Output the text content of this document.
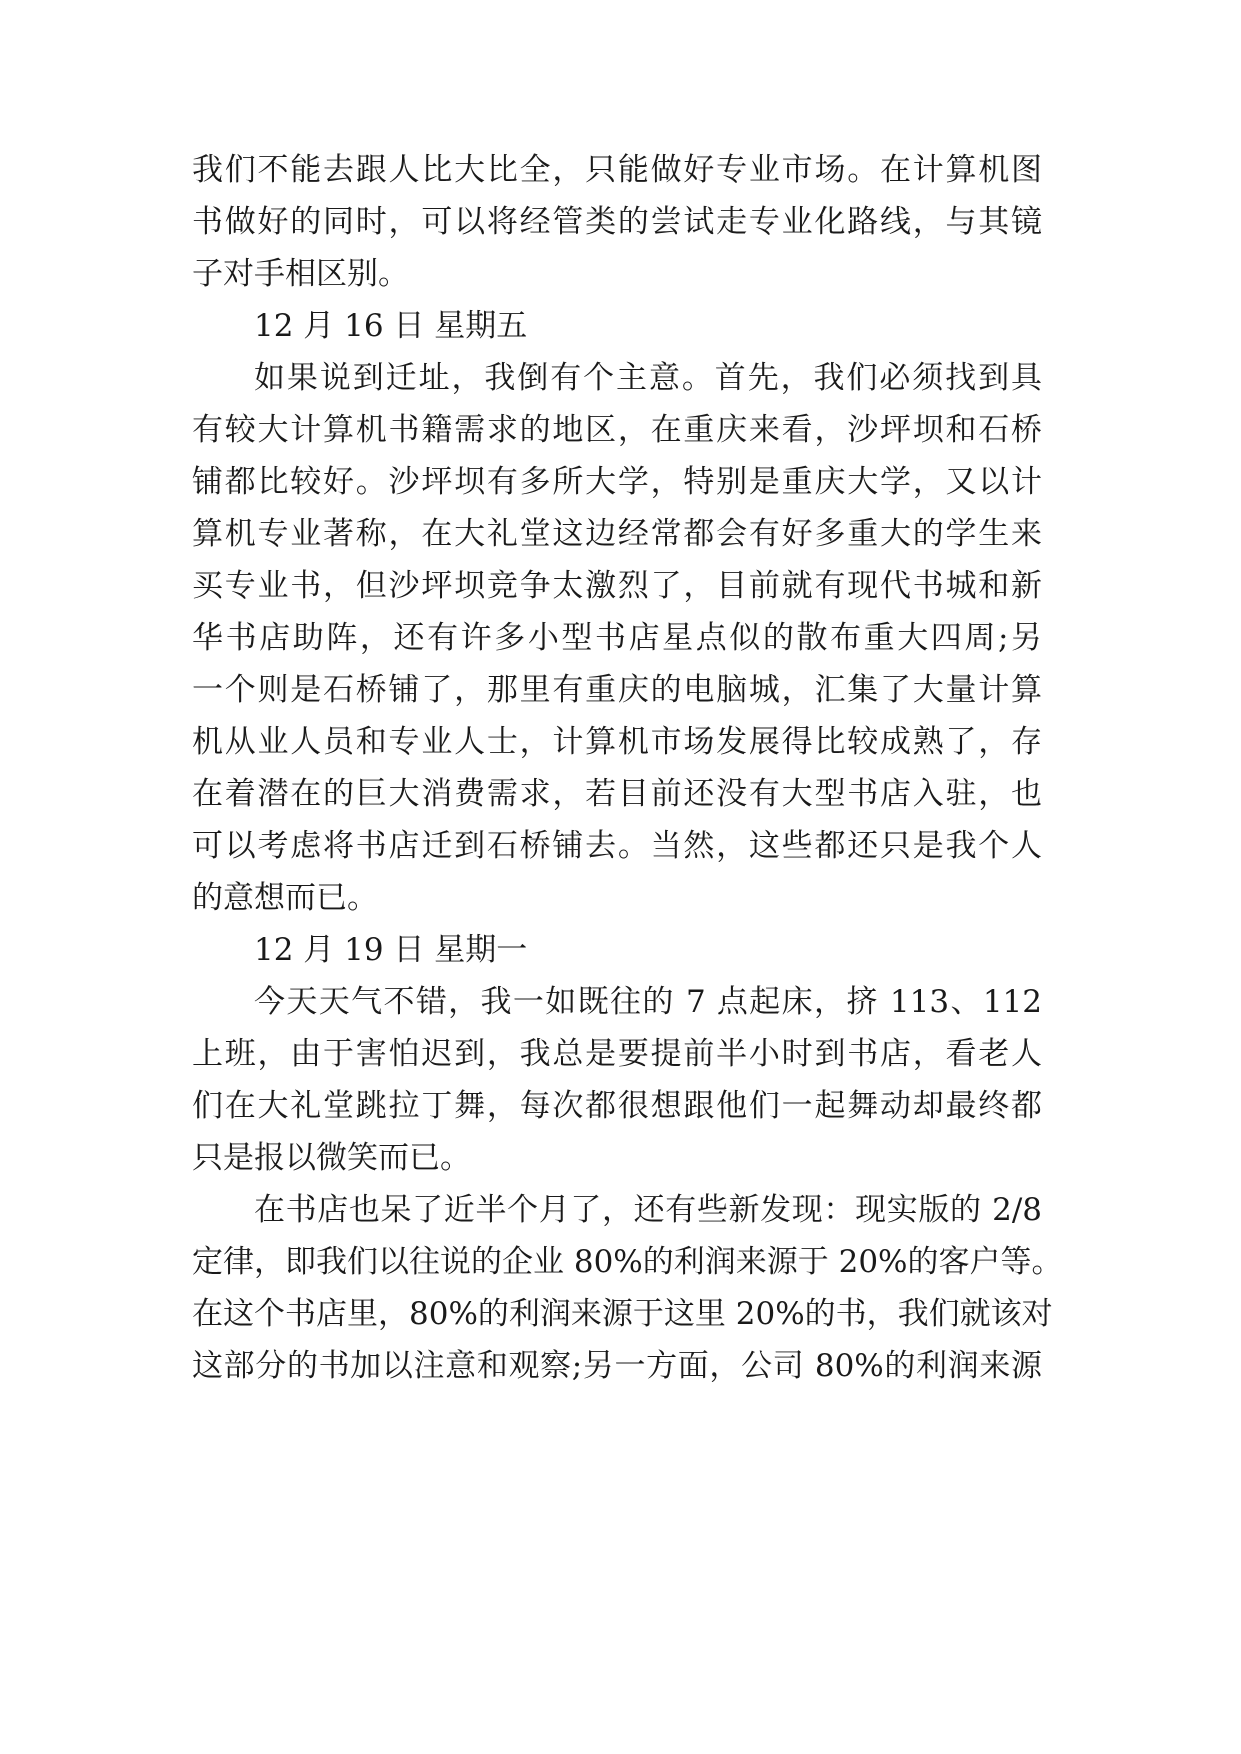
我们不能去跟人比大比全，只能做好专业市场。在计算机图
书做好的同时，可以将经管类的尝试走专业化路线，与其镜
子对手相区别。
12 月 16 日 星期五
如果说到迁址，我倒有个主意。首先，我们必须找到具
有较大计算机书籍需求的地区，在重庆来看，沙坪坝和石桥
铺都比较好。沙坪坝有多所大学，特别是重庆大学，又以计
算机专业著称，在大礼堂这边经常都会有好多重大的学生来
买专业书，但沙坪坝竞争太激烈了，目前就有现代书城和新
华书店助阵，还有许多小型书店星点似的散布重大四周;另
一个则是石桥铺了，那里有重庆的电脑城，汇集了大量计算
机从业人员和专业人士，计算机市场发展得比较成熟了，存
在着潜在的巨大消费需求，若目前还没有大型书店入驻，也
可以考虑将书店迁到石桥铺去。当然，这些都还只是我个人
的意想而已。
12 月 19 日 星期一
今天天气不错，我一如既往的 7 点起床，挤 113、112
上班，由于害怕迟到，我总是要提前半小时到书店，看老人
们在大礼堂跳拉丁舞，每次都很想跟他们一起舞动却最终都
只是报以微笑而已。
在书店也呆了近半个月了，还有些新发现：现实版的 2/8
定律，即我们以往说的企业 80%的利润来源于 20%的客户等。
在这个书店里，80%的利润来源于这里 20%的书，我们就该对
这部分的书加以注意和观察;另一方面，公司 80%的利润来源
